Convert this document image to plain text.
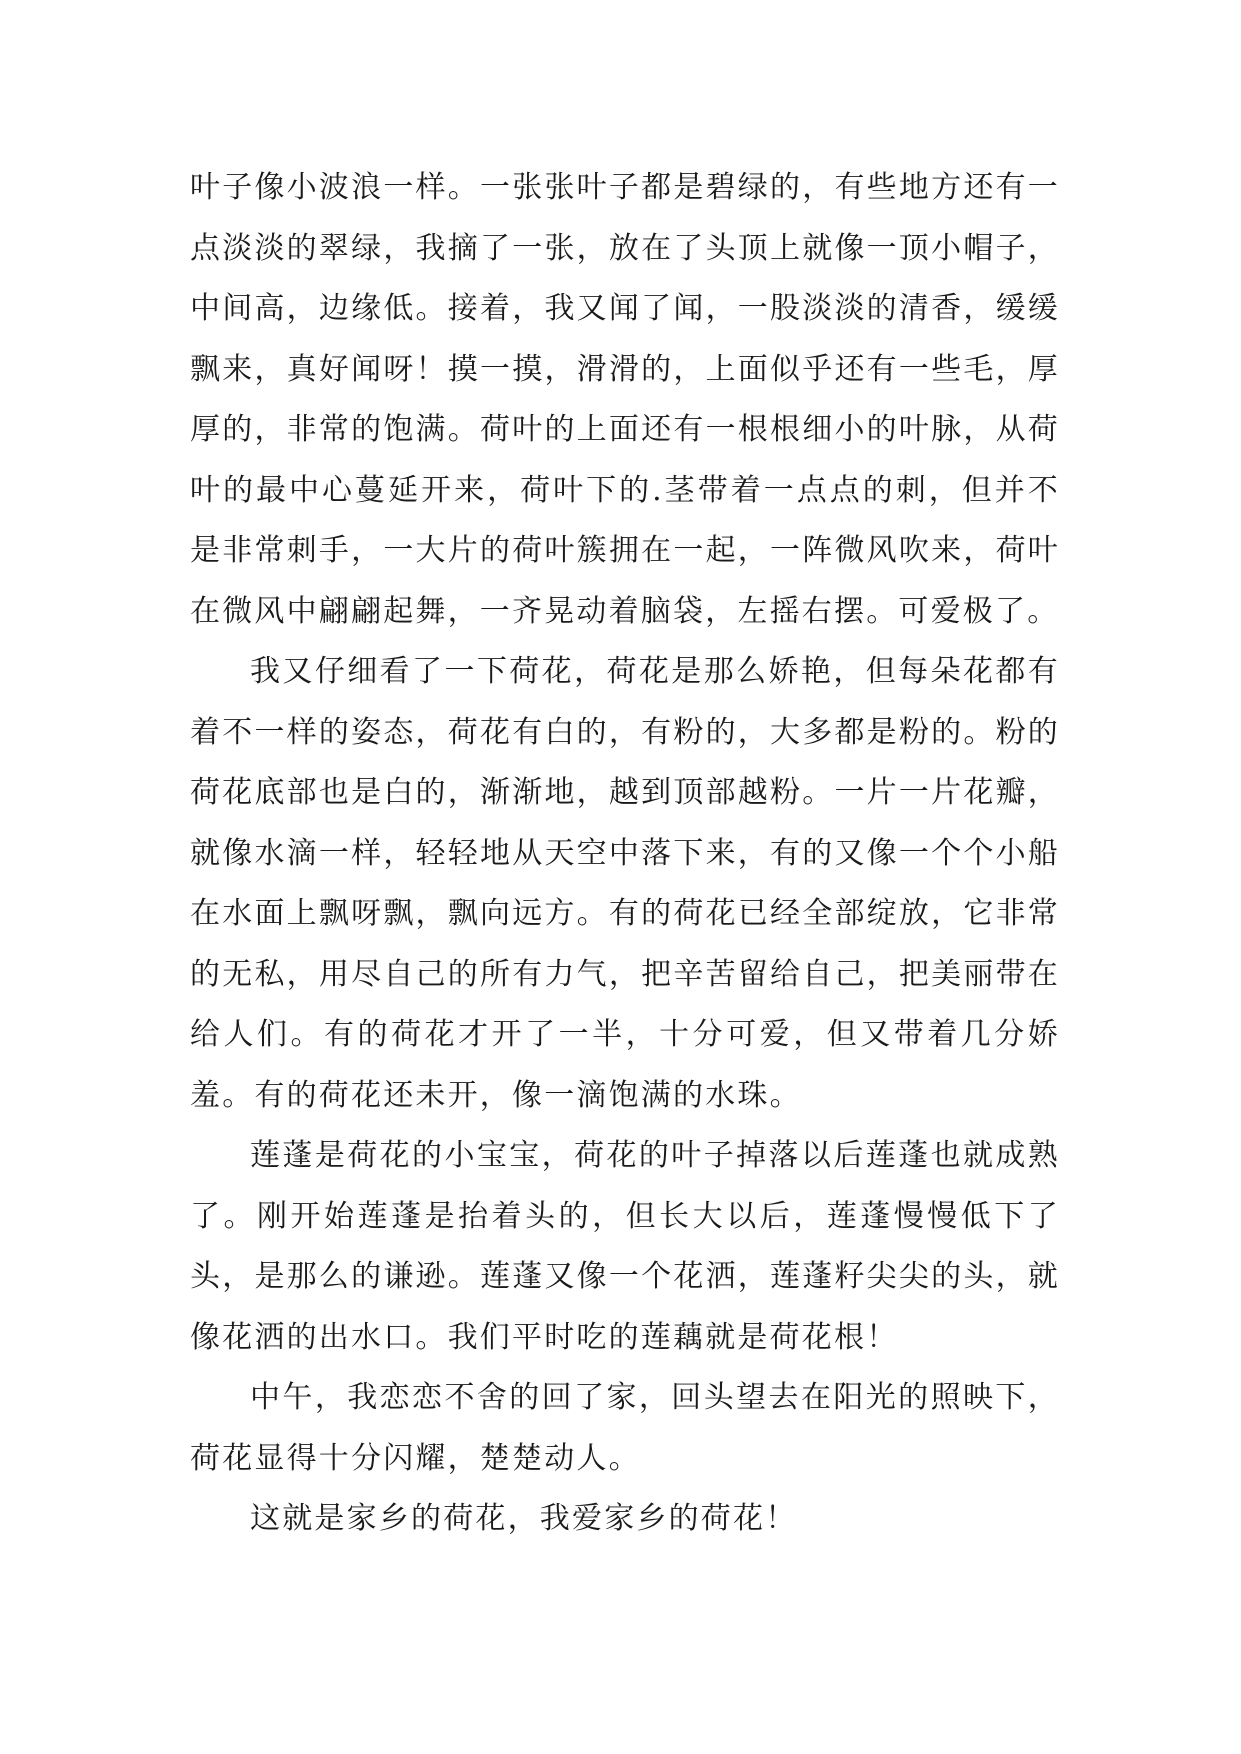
叶子像小波浪一样。一张张叶子都是碧绿的，有些地方还有一点淡淡的翠绿，我摘了一张，放在了头顶上就像一顶小帽子，中间高，边缘低。接着，我又闻了闻，一股淡淡的清香，缓缓飘来，真好闻呀！摸一摸，滑滑的，上面似乎还有一些毛，厚厚的，非常的饱满。荷叶的上面还有一根根细小的叶脉，从荷叶的最中心蔓延开来，荷叶下的.茎带着一点点的刺，但并不是非常刺手，一大片的荷叶簇拥在一起，一阵微风吹来，荷叶在微风中翩翩起舞，一齐晃动着脑袋，左摇右摆。可爱极了。

我又仔细看了一下荷花，荷花是那么娇艳，但每朵花都有着不一样的姿态，荷花有白的，有粉的，大多都是粉的。粉的荷花底部也是白的，渐渐地，越到顶部越粉。一片一片花瓣，就像水滴一样，轻轻地从天空中落下来，有的又像一个个小船在水面上飘呀飘，飘向远方。有的荷花已经全部绽放，它非常的无私，用尽自己的所有力气，把辛苦留给自己，把美丽带在给人们。有的荷花才开了一半，十分可爱，但又带着几分娇羞。有的荷花还未开，像一滴饱满的水珠。

莲蓬是荷花的小宝宝，荷花的叶子掉落以后莲蓬也就成熟了。刚开始莲蓬是抬着头的，但长大以后，莲蓬慢慢低下了头，是那么的谦逊。莲蓬又像一个花洒，莲蓬籽尖尖的头，就像花洒的出水口。我们平时吃的莲藕就是荷花根！

中午，我恋恋不舍的回了家，回头望去在阳光的照映下，荷花显得十分闪耀，楚楚动人。

这就是家乡的荷花，我爱家乡的荷花！
